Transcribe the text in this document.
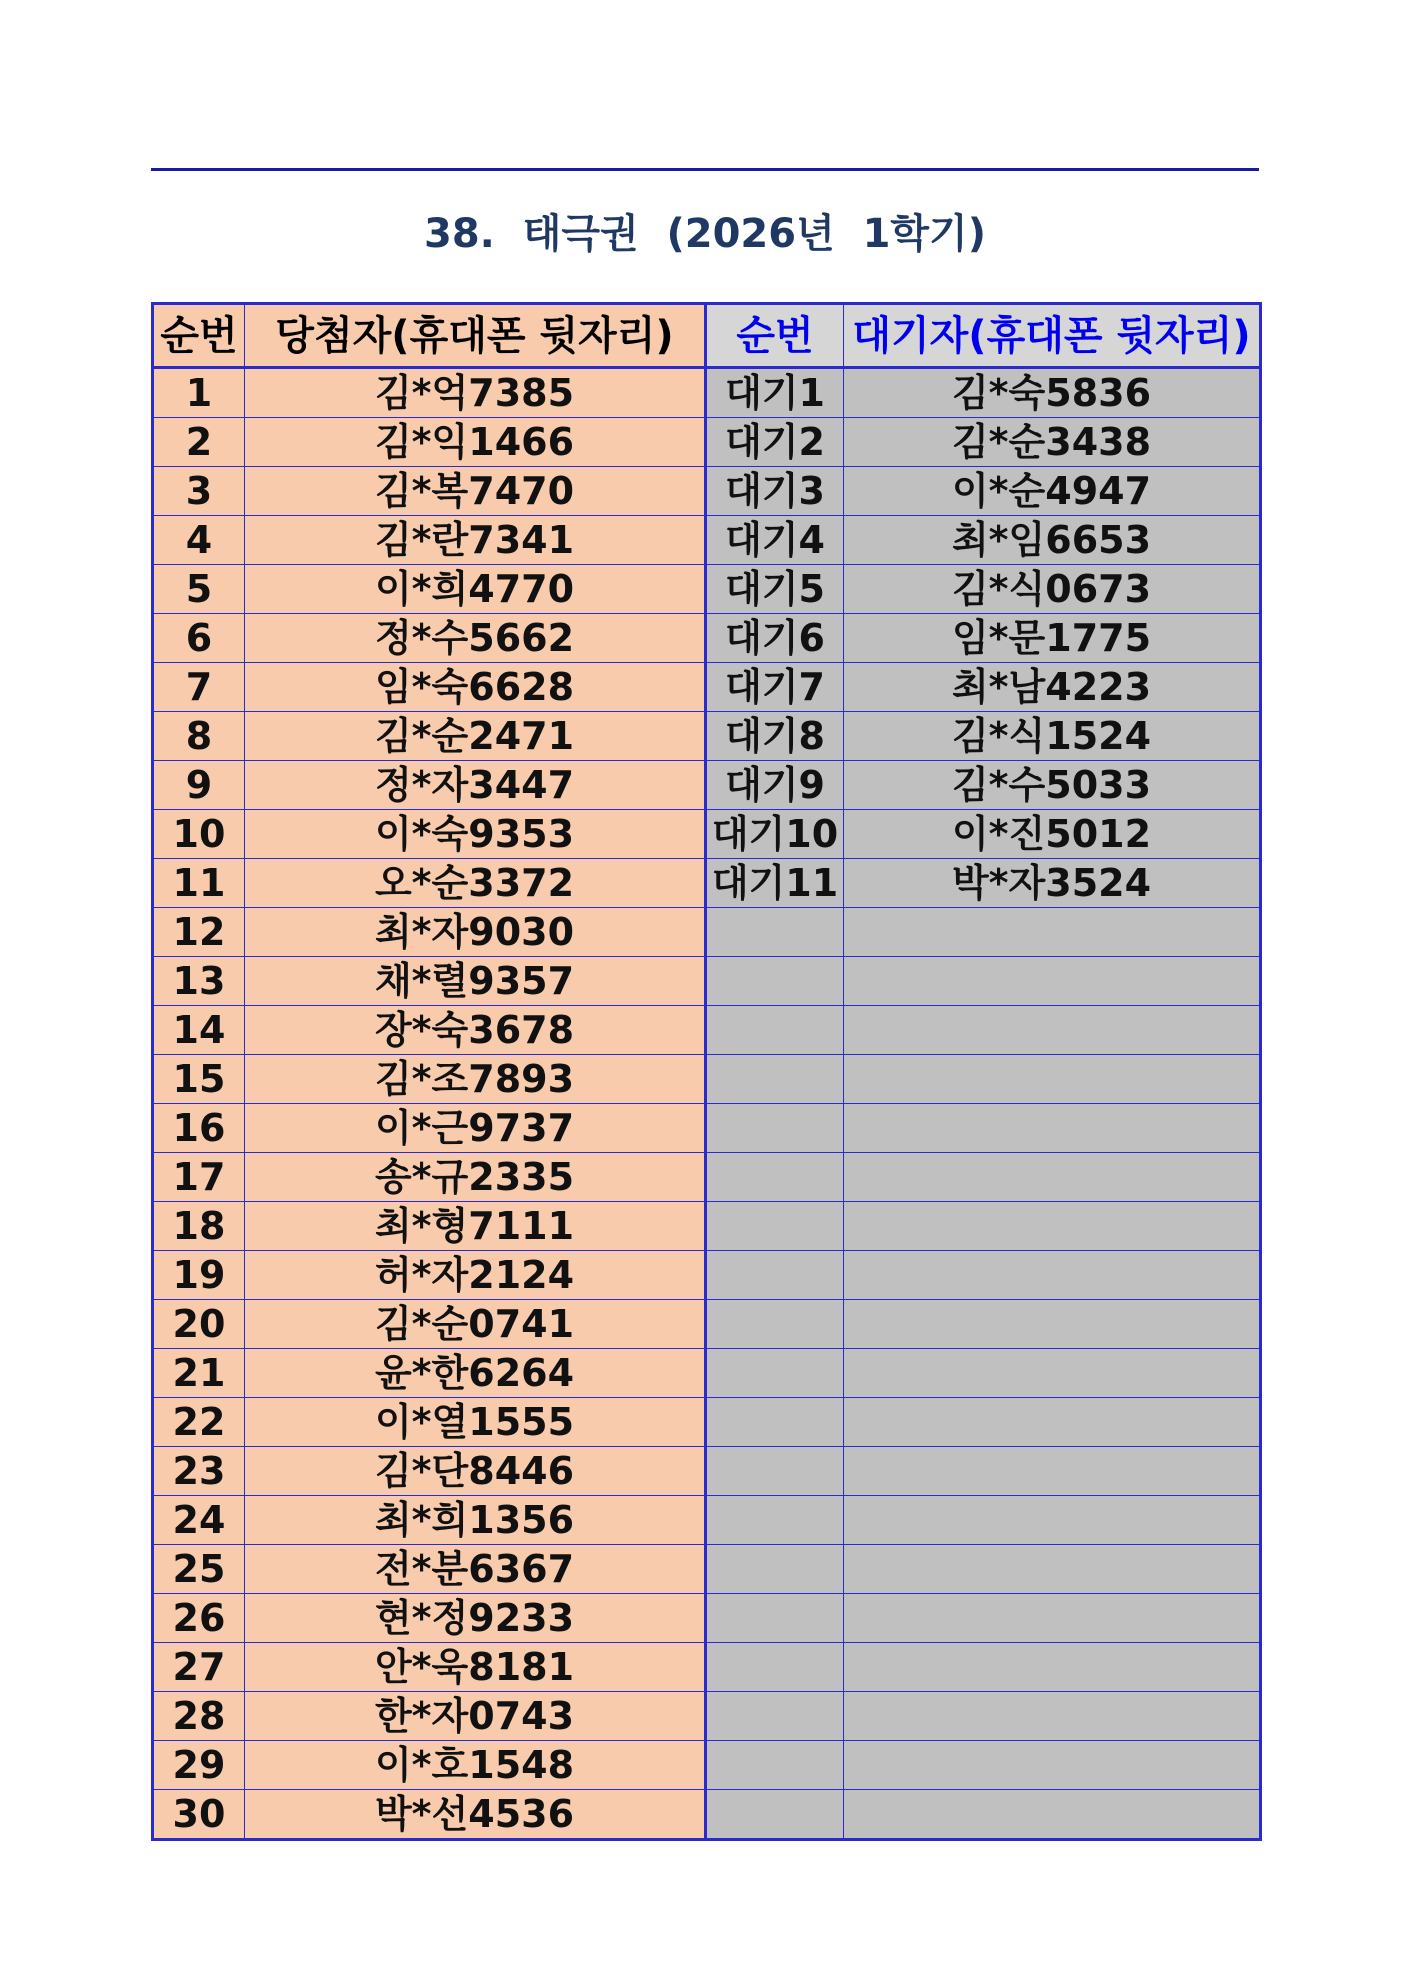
38.  태극권  (2026년  1학기)
순번	당첨자(휴대폰 뒷자리)	순번	대기자(휴대폰 뒷자리)
1	김*억7385	대기1	김*숙5836
2	김*익1466	대기2	김*순3438
3	김*복7470	대기3	이*순4947
4	김*란7341	대기4	최*임6653
5	이*희4770	대기5	김*식0673
6	정*수5662	대기6	임*문1775
7	임*숙6628	대기7	최*남4223
8	김*순2471	대기8	김*식1524
9	정*자3447	대기9	김*수5033
10	이*숙9353	대기10	이*진5012
11	오*순3372	대기11	박*자3524
12	최*자9030		
13	채*렬9357		
14	장*숙3678		
15	김*조7893		
16	이*근9737		
17	송*규2335		
18	최*형7111		
19	허*자2124		
20	김*순0741		
21	윤*한6264		
22	이*열1555		
23	김*단8446		
24	최*희1356		
25	전*분6367		
26	현*정9233		
27	안*욱8181		
28	한*자0743		
29	이*호1548		
30	박*선4536		
